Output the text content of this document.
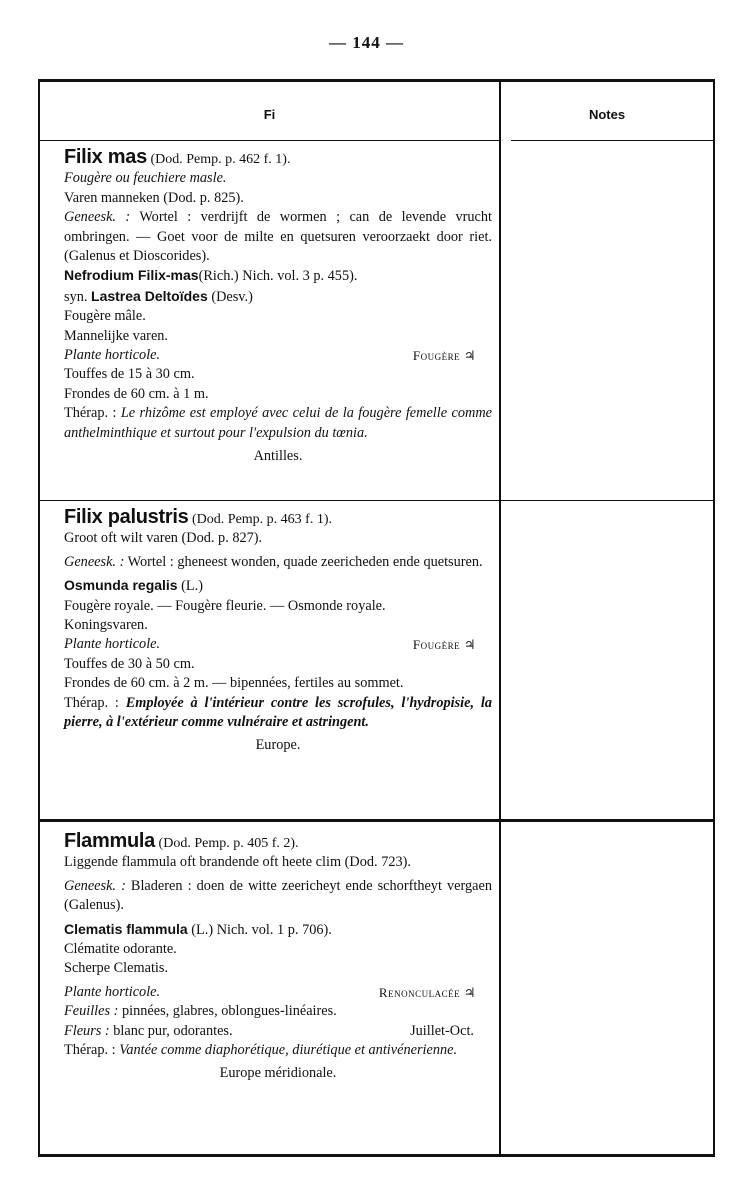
— 144 —
Fi	Notes

Filix mas (Dod. Pemp. p. 462 f. 1).

Fougère ou feuchiere masle.

Varen manneken (Dod. p. 825).

Geneesk. : Wortel : verdrijft de wormen ; can de levende vrucht ombringen. — Goet voor de milte en quetsuren veroorzaekt door riet. (Galenus et Dioscorides).

Nefrodium Filix-mas(Rich.) Nich. vol. 3 p. 455).

syn. Lastrea Deltoïdes (Desv.)

Fougère mâle.

Mannelijke varen.

Plante horticole.	Fougère ♃

Touffes de 15 à 30 cm.

Frondes de 60 cm. à 1 m.

Thérap. : Le rhizôme est employé avec celui de la fougère femelle comme anthelminthique et surtout pour l'expulsion du tœnia.

Antilles.

Filix palustris (Dod. Pemp. p. 463 f. 1).

Groot oft wilt varen (Dod. p. 827).

Geneesk. : Wortel : gheneest wonden, quade zeericheden ende quetsuren.

Osmunda regalis (L.)

Fougère royale. — Fougère fleurie. — Osmonde royale.

Koningsvaren.

Plante horticole.	Fougère ♃

Touffes de 30 à 50 cm.

Frondes de 60 cm. à 2 m. — bipennées, fertiles au sommet.

Thérap. : Employée à l'intérieur contre les scrofules, l'hydropisie, la pierre, à l'extérieur comme vulnéraire et astringent.

Europe.

Flammula (Dod. Pemp. p. 405 f. 2).

Liggende flammula oft brandende oft heete clim (Dod. 723).

Geneesk. : Bladeren : doen de witte zeericheyt ende schorftheyt vergaen (Galenus).

Clematis flammula (L.) Nich. vol. 1 p. 706).

Clématite odorante.

Scherpe Clematis.

Plante horticole.	Renonculacée ♃

Feuilles : pinnées, glabres, oblongues-linéaires.

Fleurs : blanc pur, odorantes.	Juillet-Oct.

Thérap. : Vantée comme diaphorétique, diurétique et antivénerienne.

Europe méridionale.
